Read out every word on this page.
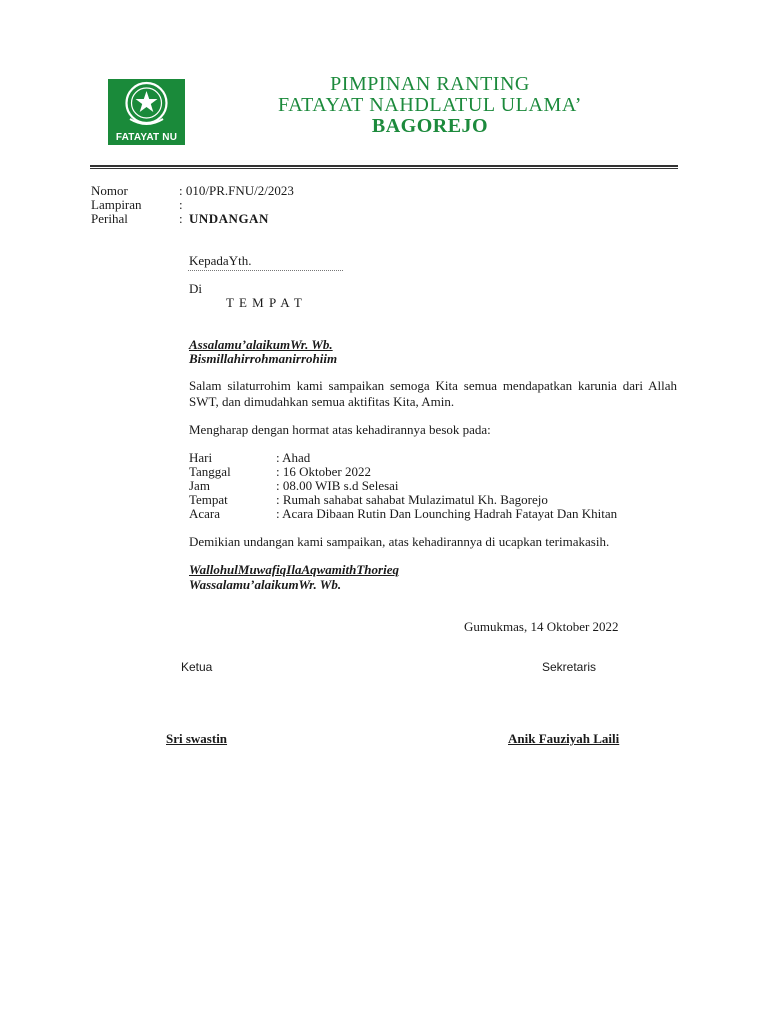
FATAYAT NU
PIMPINAN RANTING
FATAYAT NAHDLATUL ULAMA’
BAGOREJO
Nomor	: 010/PR.FNU/2/2023
Lampiran	:
Perihal	: UNDANGAN
KepadaYth.
Di
T E M P A T
Assalamu’alaikumWr. Wb.
Bismillahirrohmanirrohiim
Salam silaturrohim kami sampaikan semoga Kita semua mendapatkan karunia dari Allah SWT, dan dimudahkan semua aktifitas Kita, Amin.
Mengharap dengan hormat atas kehadirannya besok pada:
Hari	: Ahad
Tanggal	: 16 Oktober 2022
Jam	: 08.00 WIB s.d Selesai
Tempat	: Rumah sahabat sahabat Mulazimatul Kh. Bagorejo
Acara	: Acara Dibaan Rutin Dan Lounching Hadrah Fatayat Dan Khitan
Demikian undangan kami sampaikan, atas kehadirannya di ucapkan terimakasih.
WallohulMuwafiqIlaAqwamithThorieq
Wassalamu’alaikumWr. Wb.
Gumukmas, 14 Oktober 2022
Ketua	Sekretaris
Sri swastin	Anik Fauziyah Laili
